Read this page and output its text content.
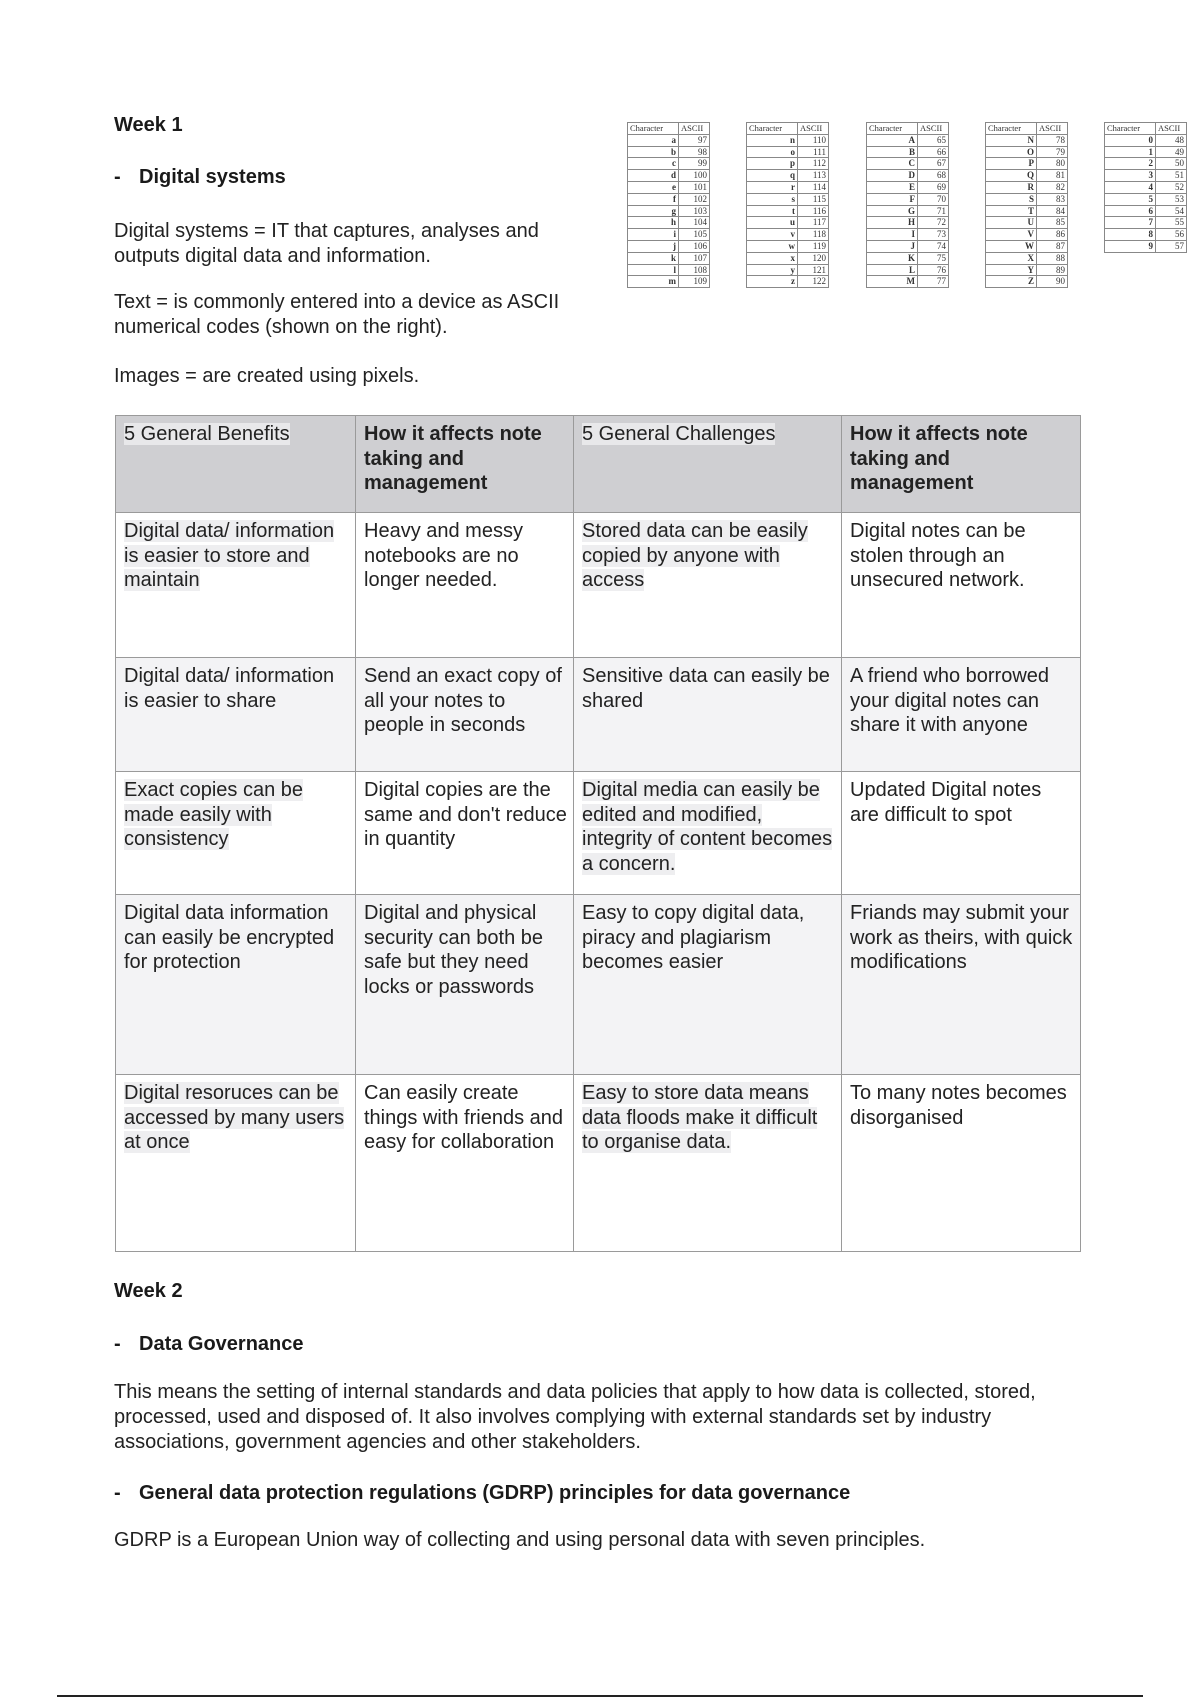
Week 1
- Digital systems
Digital systems = IT that captures, analyses and outputs digital data and information.
Text = is commonly entered into a device as ASCII numerical codes (shown on the right).
Images = are created using pixels.
Character	ASCII
a	97
b	98
c	99
d	100
e	101
f	102
g	103
h	104
i	105
j	106
k	107
l	108
m	109
Character	ASCII
n	110
o	111
p	112
q	113
r	114
s	115
t	116
u	117
v	118
w	119
x	120
y	121
z	122
Character	ASCII
A	65
B	66
C	67
D	68
E	69
F	70
G	71
H	72
I	73
J	74
K	75
L	76
M	77
Character	ASCII
N	78
O	79
P	80
Q	81
R	82
S	83
T	84
U	85
V	86
W	87
X	88
Y	89
Z	90
Character	ASCII
0	48
1	49
2	50
3	51
4	52
5	53
6	54
7	55
8	56
9	57
5 General Benefits	How it affects note taking and management	5 General Challenges	How it affects note taking and management
Digital data/ information is easier to store and maintain	Heavy and messy notebooks are no longer needed.	Stored data can be easily copied by anyone with access	Digital notes can be stolen through an unsecured network.
Digital data/ information is easier to share	Send an exact copy of all your notes to people in seconds	Sensitive data can easily be shared	A friend who borrowed your digital notes can share it with anyone
Exact copies can be made easily with consistency	Digital copies are the same and don't reduce in quantity	Digital media can easily be edited and modified, integrity of content becomes a concern.	Updated Digital notes are difficult to spot
Digital data information can easily be encrypted for protection	Digital and physical security can both be safe but they need locks or passwords	Easy to copy digital data, piracy and plagiarism becomes easier	Friands may submit your work as theirs, with quick modifications
Digital resoruces can be accessed by many users at once	Can easily create things with friends and easy for collaboration	Easy to store data means data floods make it difficult to organise data.	To many notes becomes disorganised
Week 2
- Data Governance
This means the setting of internal standards and data policies that apply to how data is collected, stored, processed, used and disposed of. It also involves complying with external standards set by industry associations, government agencies and other stakeholders.
- General data protection regulations (GDRP) principles for data governance
GDRP is a European Union way of collecting and using personal data with seven principles.
